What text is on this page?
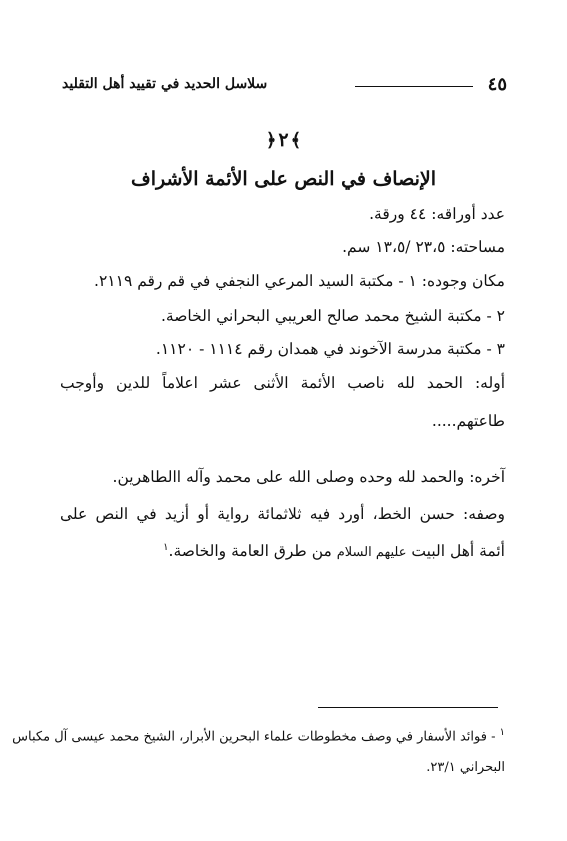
٤٥
سلاسل الحديد في تقييد أهل التقليد
﴾٢﴿
الإنصاف في النص على الأئمة الأشراف
عدد أوراقه: ٤٤ ورقة.
مساحته: ٢٣،٥ /١٣،٥ سم.
مكان وجوده: ١ - مكتبة السيد المرعي النجفي في قم رقم ٢١١٩.
٢ - مكتبة الشيخ محمد صالح العريبي البحراني الخاصة.
٣ - مكتبة مدرسة الآخوند في همدان رقم ١١١٤ - ١١٢٠.
أوله: الحمد لله ناصب الأئمة الأثنى عشر اعلاماً للدين وأوجب
طاعتهم.....
آخره: والحمد لله وحده وصلى الله على محمد وآله االطاهرين.
وصفه: حسن الخط، أورد فيه ثلاثمائة رواية أو أزيد في النص على
أئمة أهل البيت عليهم السلام من طرق العامة والخاصة.$^١$
$^١$ - فوائد الأسفار في وصف مخطوطات علماء البحرين الأبرار، الشيخ محمد عيسى آل مكباس
البحراني ٢٣/١.
